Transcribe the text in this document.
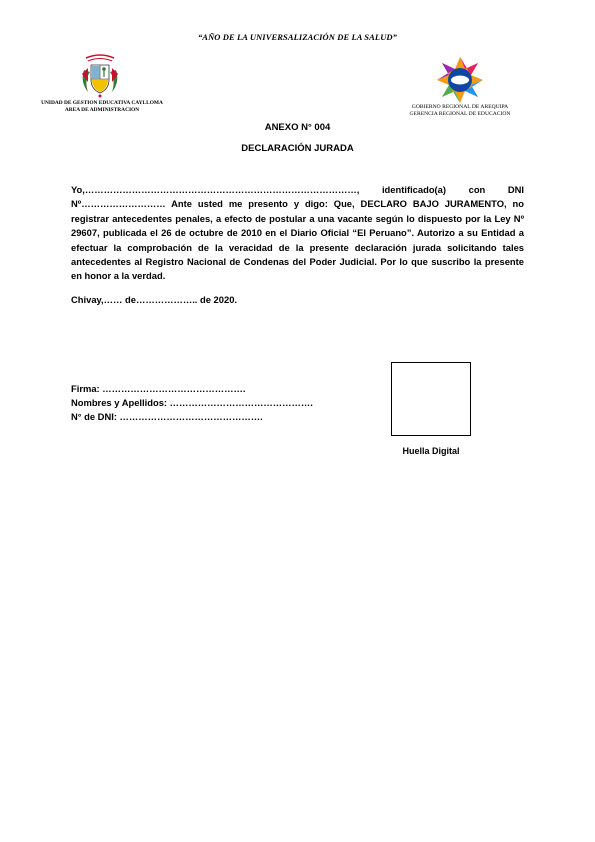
“AÑO DE LA UNIVERSALIZACIÓN DE LA SALUD”
UNIDAD DE GESTION EDUCATIVA CAYLLOMA
AREA DE ADMINISTRACION	GOBIERNO REGIONAL DE AREQUIPA
GERENCIA REGIONAL DE EDUCACION
ANEXO N° 004
DECLARACIÓN JURADA
Yo,……………………………………………………………………………, identificado(a) con DNI Nº……………………… Ante usted me presento y digo: Que, DECLARO BAJO JURAMENTO, no registrar antecedentes penales, a efecto de postular a una vacante según lo dispuesto por la Ley Nº 29607, publicada el 26 de octubre de 2010 en el Diario Oficial “El Peruano”. Autorizo a su Entidad a efectuar la comprobación de la veracidad de la presente declaración jurada solicitando tales antecedentes al Registro Nacional de Condenas del Poder Judicial. Por lo que suscribo la presente en honor a la verdad.
Chivay,…… de……………….. de 2020.
Firma: ……………………………………….
Nombres y Apellidos: ……………………………………….
N° de DNI: ……………………………………….
Huella Digital
